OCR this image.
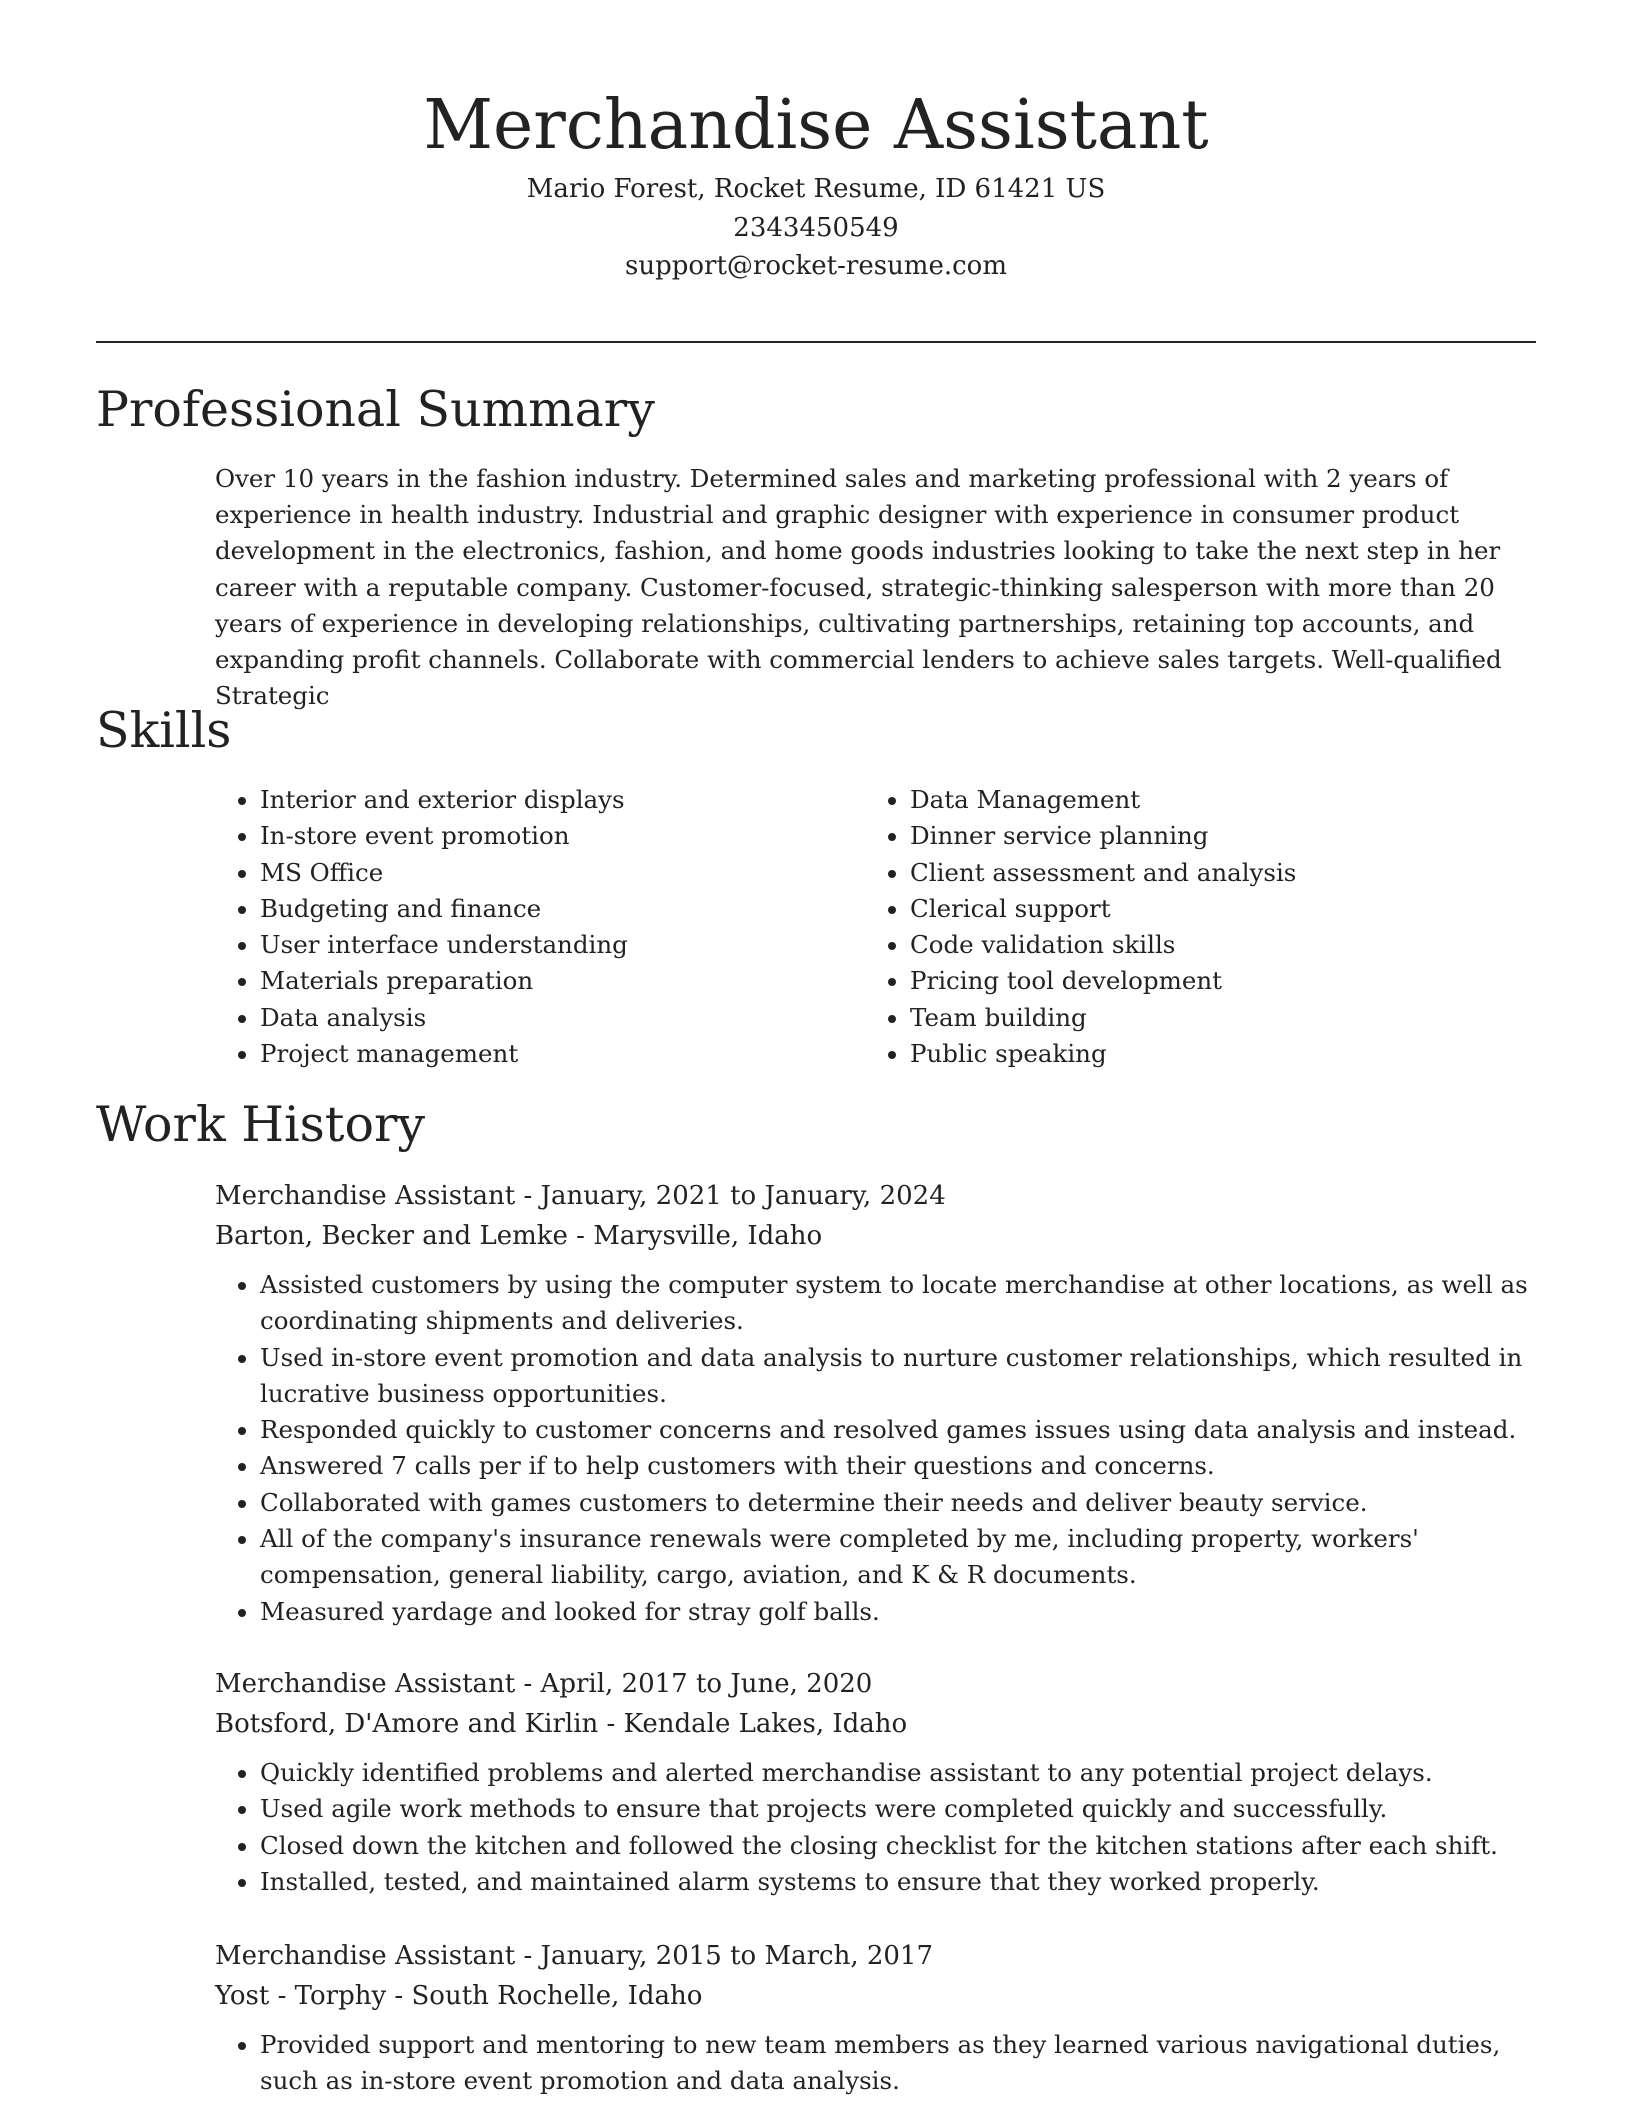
Merchandise Assistant

Mario Forest, Rocket Resume, ID 61421 US

2343450549

support@rocket-resume.com

Professional Summary

Over 10 years in the fashion industry. Determined sales and marketing professional with 2 years of experience in health industry. Industrial and graphic designer with experience in consumer product development in the electronics, fashion, and home goods industries looking to take the next step in her career with a reputable company. Customer-focused, strategic-thinking salesperson with more than 20 years of experience in developing relationships, cultivating partnerships, retaining top accounts, and expanding profit channels. Collaborate with commercial lenders to achieve sales targets. Well-qualified Strategic

Skills
• Interior and exterior displays
• In-store event promotion
• MS Office
• Budgeting and finance
• User interface understanding
• Materials preparation
• Data analysis
• Project management
• Data Management
• Dinner service planning
• Client assessment and analysis
• Clerical support
• Code validation skills
• Pricing tool development
• Team building
• Public speaking
Work History

Merchandise Assistant - January, 2021 to January, 2024

Barton, Becker and Lemke - Marysville, Idaho

• Assisted customers by using the computer system to locate merchandise at other locations, as well as coordinating shipments and deliveries.
• Used in-store event promotion and data analysis to nurture customer relationships, which resulted in lucrative business opportunities.
• Responded quickly to customer concerns and resolved games issues using data analysis and instead.
• Answered 7 calls per if to help customers with their questions and concerns.
• Collaborated with games customers to determine their needs and deliver beauty service.
• All of the company's insurance renewals were completed by me, including property, workers' compensation, general liability, cargo, aviation, and K & R documents.
• Measured yardage and looked for stray golf balls.

Merchandise Assistant - April, 2017 to June, 2020

Botsford, D'Amore and Kirlin - Kendale Lakes, Idaho

• Quickly identified problems and alerted merchandise assistant to any potential project delays.
• Used agile work methods to ensure that projects were completed quickly and successfully.
• Closed down the kitchen and followed the closing checklist for the kitchen stations after each shift.
• Installed, tested, and maintained alarm systems to ensure that they worked properly.

Merchandise Assistant - January, 2015 to March, 2017

Yost - Torphy - South Rochelle, Idaho

• Provided support and mentoring to new team members as they learned various navigational duties, such as in-store event promotion and data analysis.
